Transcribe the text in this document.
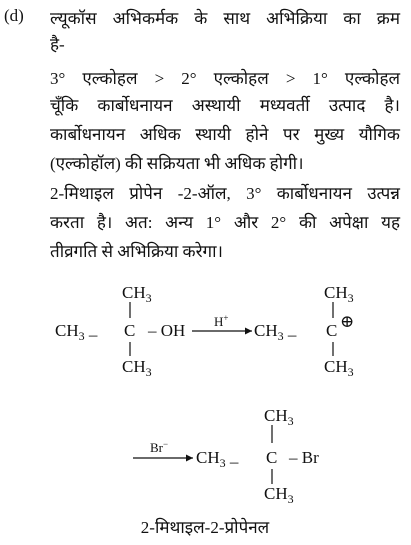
(d) ल्यूकॉस अभिकर्मक के साथ अभिक्रिया का क्रम
है-
3° एल्कोहल > 2° एल्कोहल > 1° एल्कोहल
चूँकि कार्बोधनायन अस्थायी मध्यवर्ती उत्पाद है।
कार्बोधनायन अधिक स्थायी होने पर मुख्य यौगिक
(एल्कोहॉल) की सक्रियता भी अधिक होगी।
2-मिथाइल प्रोपेन -2-ऑल, 3° कार्बोधनायन उत्पन्न
करता है। अत: अन्य 1° और 2° की अपेक्षा यह
तीव्रगति से अभिक्रिया करेगा।
$CH_3$
$CH_3$ – C – OH
$CH_3$
H+
$CH_3$
$CH_3$ – C ⊕
$CH_3$
Br−
$CH_3$
$CH_3$ – C – Br
$CH_3$
2-मिथाइल-2-प्रोपेनल
